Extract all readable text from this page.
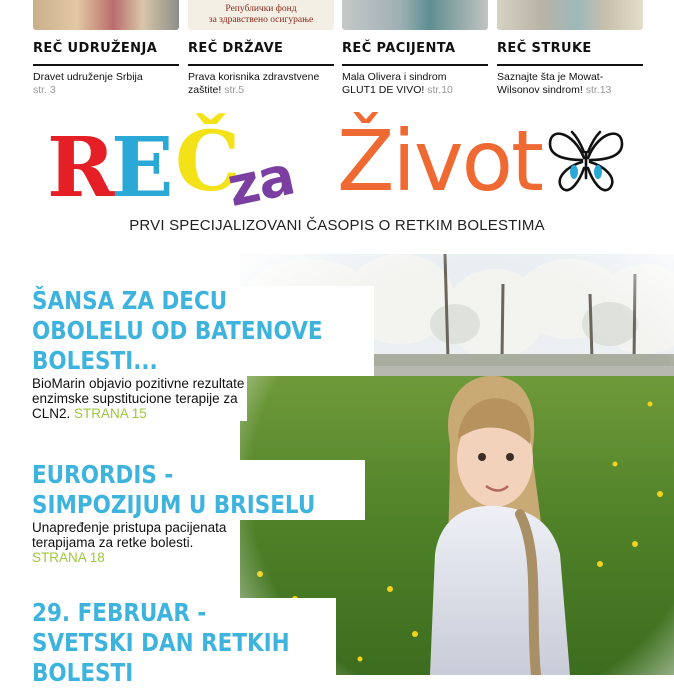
Републички фонд
за здравствено осигурање
REČ UDRUŽENJA REČ DRŽAVE	REČ PACIJENTA	REČ STRUKE
Dravet udruženje Srbija
str. 3
Prava korisnika zdravstvene zaštite! str.5
Mala Olivera i sindrom GLUT1 DE VIVO! str.10
Saznajte šta je Mowat-Wilsonov sindrom! str.13
R
E Č
za Život
PRVI SPECIJALIZOVANI ČASOPIS O RETKIM BOLESTIMA
ŠANSA ZA DECU
OBOLELU OD BATENOVE
BOLESTI...
BioMarin objavio pozitivne rezultate enzimske supstitucione terapije za CLN2. STRANA 15
EURORDIS -
SIMPOZIJUM U BRISELU
Unapređenje pristupa pacijenata terapijama za retke bolesti.
STRANA 18
29. FEBRUAR -
SVETSKI DAN RETKIH
BOLESTI
